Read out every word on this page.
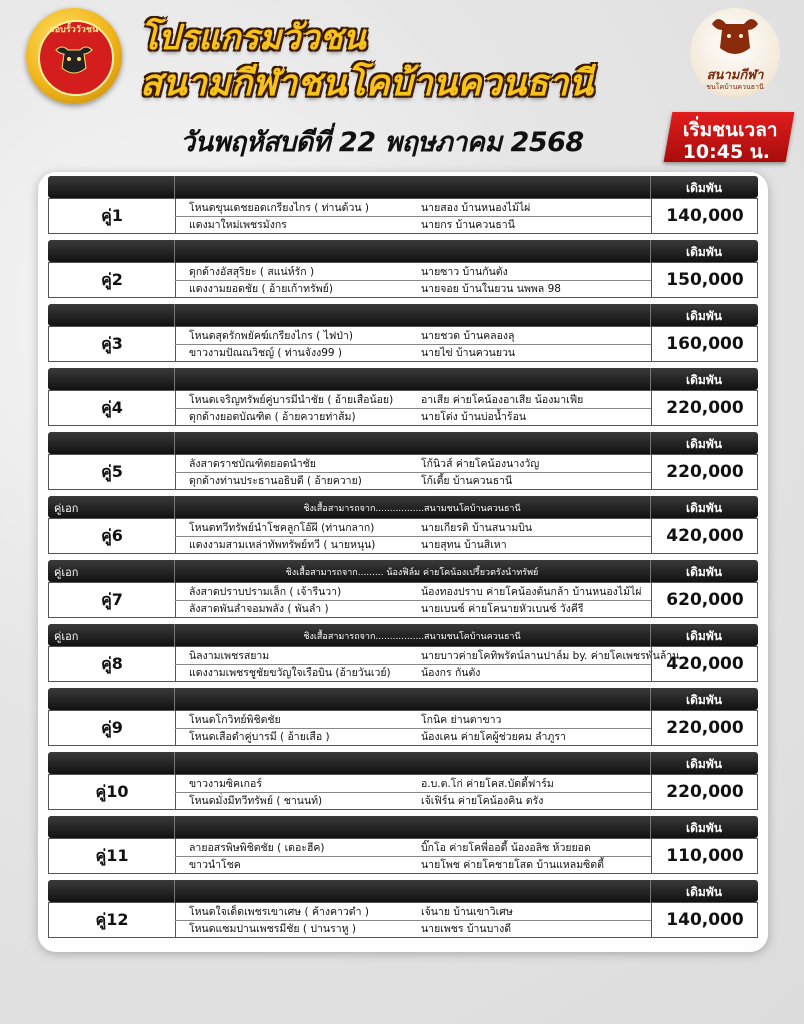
รอบรั้ววัวชน	โปรแกรมวัวชน
สนามกีฬาชนโคบ้านควนธานี	สนามกีฬา
ชนโคบ้านควนธานี
วันพฤหัสบดีที่ 22 พฤษภาคม 2568	เริ่มชนเวลา
10:45 น.
เดิมพัน
คู่1	โหนดขุนเดชยอดเกรียงไกร ( ท่านด้วน )	นายสอง บ้านหนองไม้ไผ่
แดงมาใหม่เพชรมังกร	นายกร บ้านควนธานี	140,000
เดิมพัน
คู่2	ดุกด้างอัสสุริยะ ( สแน่ห์รัก )	นายซาว บ้านกันตัง
แดงงามยอดชัย ( อ้ายเก้าทรัพย์)	นายจอย บ้านในยวน นพพล 98	150,000
เดิมพัน
คู่3	โหนดสุดรักพยัคฆ์เกรียงไกร ( ไฟป่า)	นายชวด บ้านคลองลุ
ขาวงามปัณณวิชญ์ ( ท่านจังง99 )	นายไข่ บ้านควนยวน	160,000
เดิมพัน
คู่4	โหนดเจริญทรัพย์คู่บารมีนำชัย ( อ้ายเสือน้อย)	อาเสีย ค่ายโคน้องอาเสีย น้องมาเฟีย
ดุกด้างยอดบัณฑิต ( อ้ายควายท่าส้ม)	นายโด่ง บ้านบ่อน้ำร้อน	220,000
เดิมพัน
คู่5	ลังสาดราชบัณฑิตยอดนำชัย	โก้นิวส์ ค่ายโคน้องนางวัญ
ดุกด้างท่านประธานอธิบดี ( อ้ายควาย)	โก้เตี้ย บ้านควนธานี	220,000
คู่เอก	ชิงเสื้อสามารถจาก.................สนามชนโคบ้านควนธานี	เดิมพัน
คู่6	โหนดทวีทรัพย์นำโชคลูกโอ๊ผี (ท่านกลาก)	นายเกียรติ บ้านสนามบิน
แดงงามสามเหล่าทัพทรัพย์ทวี ( นายหนุน)	นายสุทน บ้านสิเหา	420,000
คู่เอก	ชิงเสื้อสามารถจาก......... น้องฟิล์ม ค่ายโคน้องเปรี้ยวตรังนำทรัพย์	เดิมพัน
คู่7	ลังสาดปราบปรามเล็ก ( เจ้ารีนวา)	น้องทองปราบ ค่ายโคน้องต้นกล้า บ้านหนองไม้ไผ่
ลังสาดพันลำจอมพลัง ( พันลำ )	นายเบนซ์ ค่ายโคนายหัวเบนซ์ วังคีรี	620,000
คู่เอก	ชิงเสื้อสามารถจาก.................สนามชนโคบ้านควนธานี	เดิมพัน
คู่8	นิลงามเพชรสยาม	นายบาวค่ายโคทิพรัตน์ลานปาล์ม by. ค่ายโคเพชรพันล้าน
แดงงามเพชรชูชัยขวัญใจเรือบิน (อ้ายวันเวย์)	น้องกร กันตัง	420,000
เดิมพัน
คู่9	โหนดโกวิทย์พิชิตชัย	โกนิค ย่านตาขาว
โหนดเสือดำคู่บารมี ( อ้ายเสือ )	น้องเคน ค่ายโคผู้ช่วยคม ลำภูรา	220,000
เดิมพัน
คู่10	ขาวงามซิคเกอร์	อ.บ.ต.โก่ ค่ายโคส.บัดดี้ฟาร์ม
โหนดมั่งมีทวีทรัพย์ ( ชานนท์)	เจ้เฟิร์น ค่ายโคน้องคิน ตรัง	220,000
เดิมพัน
คู่11	ลายอสรพิษพิชิตชัย ( เดอะฮีค)	บิ๊กโอ ค่ายโคพี่ออดี้ น้องอลิซ ห้วยยอด
ขาวนำโชค	นายโพช ค่ายโคชายโสด บ้านแหลมซิตตี้	110,000
เดิมพัน
คู่12	โหนดใจเด็ดเพชรเขาเศษ ( ค้างคาวดำ )	เจ้นาย บ้านเขาวิเศษ
โหนดแซมปานเพชรมีชัย ( ปานราหู )	นายเพชร บ้านบางดี	140,000
